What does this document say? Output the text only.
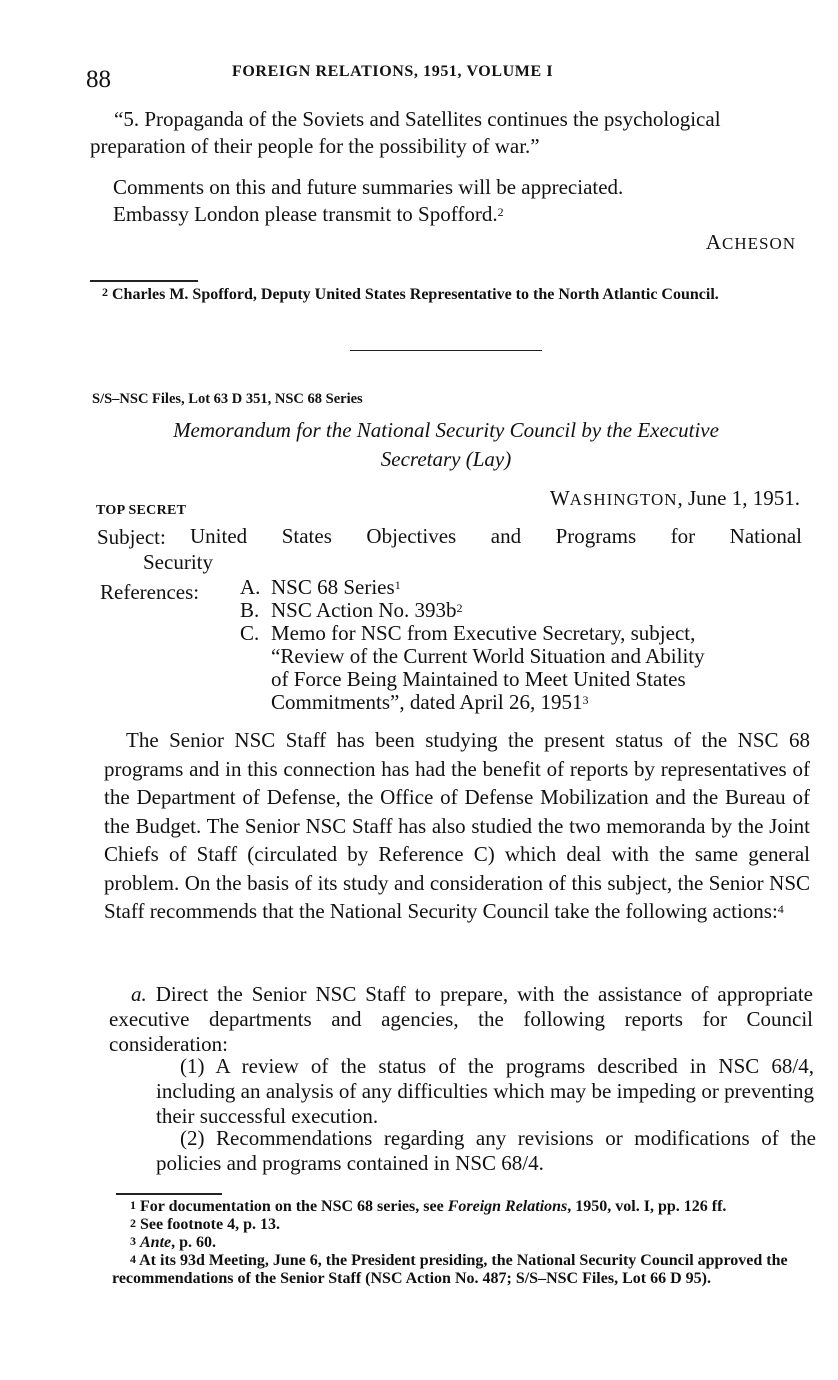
88	FOREIGN RELATIONS, 1951, VOLUME I
“5. Propaganda of the Soviets and Satellites continues the psychological preparation of their people for the possibility of war.”
Comments on this and future summaries will be appreciated.
Embassy London please transmit to Spofford.$^2$
ACHESON
$^2$ Charles M. Spofford, Deputy United States Representative to the North Atlantic Council.
S/S–NSC Files, Lot 63 D 351, NSC 68 Series
Memorandum for the National Security Council by the Executive
Secretary (Lay)
WASHINGTON, June 1, 1951.
TOP SECRET
Subject: United States Objectives and Programs for National
Security
References: A. NSC 68 Series$^1$
B. NSC Action No. $393b^2$
C. Memo for NSC from Executive Secretary, subject,
“Review of the Current World Situation and Ability
of Force Being Maintained to Meet United States
Commitments”, dated April 26, 1951$^3$
The Senior NSC Staff has been studying the present status of the NSC 68 programs and in this connection has had the benefit of reports by representatives of the Department of Defense, the Office of Defense Mobilization and the Bureau of the Budget. The Senior NSC Staff has also studied the two memoranda by the Joint Chiefs of Staff (circulated by Reference C) which deal with the same general problem. On the basis of its study and consideration of this subject, the Senior NSC Staff recommends that the National Security Council take the following actions:$^4$
a. Direct the Senior NSC Staff to prepare, with the assistance of appropriate executive departments and agencies, the following reports for Council consideration:
(1) A review of the status of the programs described in NSC 68/4, including an analysis of any difficulties which may be impeding or preventing their successful execution.
(2) Recommendations regarding any revisions or modifications of the policies and programs contained in NSC 68/4.
$^1$ For documentation on the NSC 68 series, see Foreign Relations, 1950, vol. I, pp. 126 ff.
$^2$ See footnote 4, p. 13.
$^3$ Ante, p. 60.
$^4$ At its 93d Meeting, June 6, the President presiding, the National Security Council approved the recommendations of the Senior Staff (NSC Action No. 487; S/S–NSC Files, Lot 66 D 95).
